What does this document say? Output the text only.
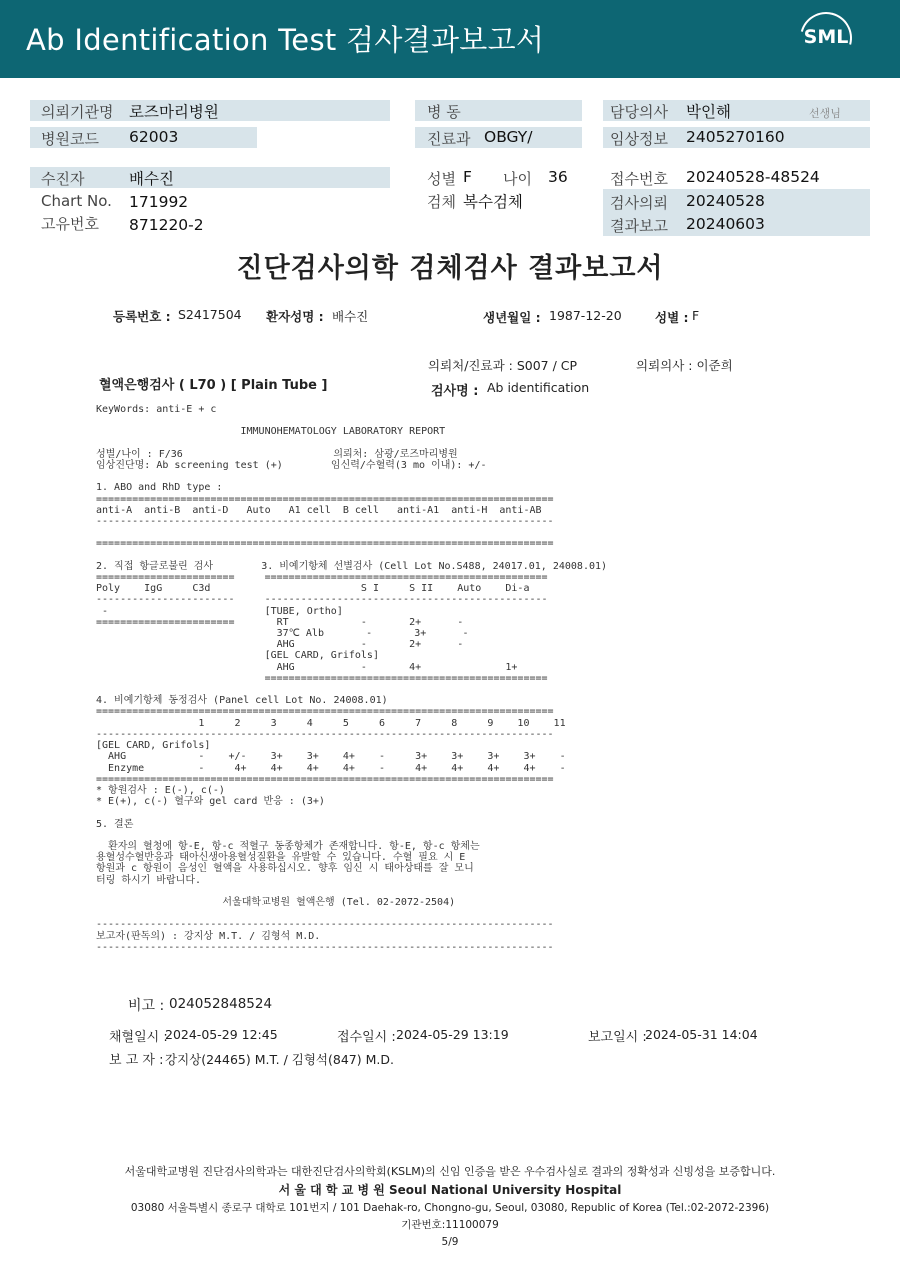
Ab Identification Test 검사결과보고서	SML
의뢰기관명 로즈마리병원
병원코드 62003
병 동
진료과 OBGY/
담당의사 박인해	선생님
임상정보 2405270160
수진자	배수진
Chart No. 171992
고유번호 871220-2
성별 F 나이 36
검체 복수검체
접수번호 20240528-48524
검사의뢰 20240528
결과보고 20240603
진단검사의학 검체검사 결과보고서
등록번호 : S2417504 환자성명 : 배수진	생년월일 : 1987-12-20	성별 : F
의뢰처/진료과 : S007 / CP	의뢰의사 : 이준희
혈액은행검사 ( L70 ) [ Plain Tube ]	검사명 : Ab identification
KeyWords: anti-E + c

IMMUNOHEMATOLOGY LABORATORY REPORT

성별/나이 : F/36                         의뢰처: 삼광/로즈마리병원
임상진단명: Ab screening test (+)        임신력/수혈력(3 mo 이내): +/-

1. ABO and RhD type :
============================================================================
anti-A  anti-B  anti-D   Auto   A1 cell  B cell   anti-A1  anti-H  anti-AB
----------------------------------------------------------------------------

============================================================================

2. 직접 항글로불린 검사        3. 비예기항체 선별검사 (Cell Lot No.S488, 24017.01, 24008.01)
=======================     ===============================================
Poly    IgG     C3d                         S I     S II    Auto    Di-a
-----------------------     -----------------------------------------------
-                          [TUBE, Ortho]
=======================       RT            -       2+      -
37℃ Alb       -       3+      -
AHG           -       2+      -
[GEL CARD, Grifols]
AHG           -       4+              1+
===============================================

4. 비예기항체 동정검사 (Panel cell Lot No. 24008.01)
============================================================================
1     2     3     4     5     6     7     8     9    10    11
----------------------------------------------------------------------------
[GEL CARD, Grifols]
AHG            -    +/-    3+    3+    4+    -     3+    3+    3+    3+    -
Enzyme         -     4+    4+    4+    4+    -     4+    4+    4+    4+    -
============================================================================
* 항원검사 : E(-), c(-)
* E(+), c(-) 혈구와 gel card 반응 : (3+)

5. 결론

환자의 혈청에 항-E, 항-c 적혈구 동종항체가 존재합니다. 항-E, 항-c 항체는
용혈성수혈반응과 태아신생아용혈성질환을 유발할 수 있습니다. 수혈 필요 시 E
항원과 c 항원이 음성인 혈액을 사용하십시오. 향후 임신 시 태아상태를 잘 모니
터링 하시기 바랍니다.

서울대학교병원 혈액은행 (Tel. 02-2072-2504)

----------------------------------------------------------------------------
보고자(판독의) : 강지상 M.T. / 김형석 M.D.
----------------------------------------------------------------------------
비고 : 024052848524
채혈일시 :
2024-05-29 12:45	접수일시 : 2024-05-29 13:19	보고일시 :
2024-05-31 14:04
보 고 자 : 강지상(24465) M.T. / 김형석(847) M.D.
서울대학교병원 진단검사의학과는 대한진단검사의학회(KSLM)의 신임 인증을 받은 우수검사실로 결과의 정확성과 신빙성을 보증합니다.
서 울 대 학 교 병 원 Seoul National University Hospital
03080 서울특별시 종로구 대학로 101번지 / 101 Daehak-ro, Chongno-gu, Seoul, 03080, Republic of Korea (Tel.:02-2072-2396)
기관번호:11100079
5/9
